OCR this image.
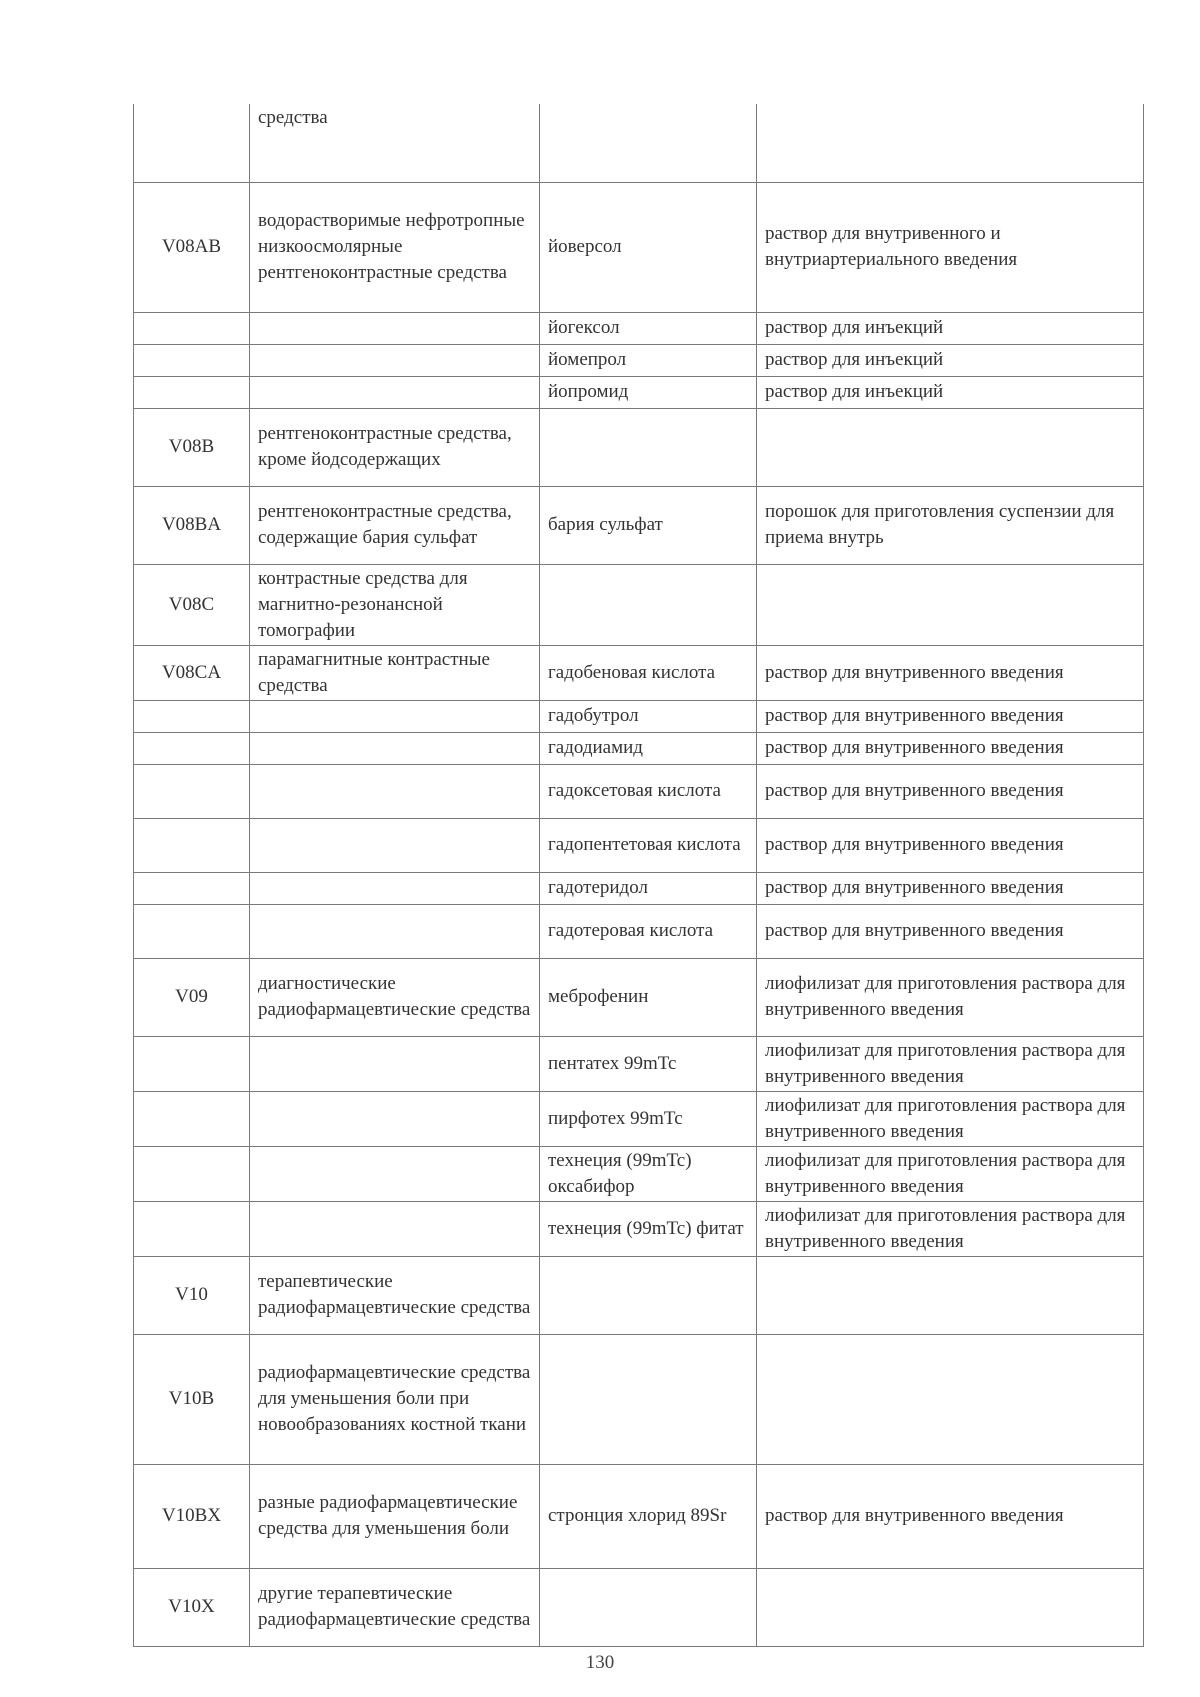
	средства		
V08AB	водорастворимые нефротропные низкоосмолярные рентгеноконтрастные средства	йоверсол	раствор для внутривенного и внутриартериального введения
		йогексол	раствор для инъекций
		йомепрол	раствор для инъекций
		йопромид	раствор для инъекций
V08B	рентгеноконтрастные средства, кроме йодсодержащих		
V08BA	рентгеноконтрастные средства, содержащие бария сульфат	бария сульфат	порошок для приготовления суспензии для приема внутрь
V08C	контрастные средства для магнитно-резонансной томографии		
V08CA	парамагнитные контрастные средства	гадобеновая кислота	раствор для внутривенного введения
		гадобутрол	раствор для внутривенного введения
		гадодиамид	раствор для внутривенного введения
		гадоксетовая кислота	раствор для внутривенного введения
		гадопентетовая кислота	раствор для внутривенного введения
		гадотеридол	раствор для внутривенного введения
		гадотеровая кислота	раствор для внутривенного введения
V09	диагностические радиофармацевтические средства	меброфенин	лиофилизат для приготовления раствора для внутривенного введения
		пентатех 99mTc	лиофилизат для приготовления раствора для внутривенного введения
		пирфотех 99mTc	лиофилизат для приготовления раствора для внутривенного введения
		технеция (99mTc) оксабифор	лиофилизат для приготовления раствора для внутривенного введения
		технеция (99mTc) фитат	лиофилизат для приготовления раствора для внутривенного введения
V10	терапевтические радиофармацевтические средства		
V10B	радиофармацевтические средства для уменьшения боли при новообразованиях костной ткани		
V10BX	разные радиофармацевтические средства для уменьшения боли	стронция хлорид 89Sr	раствор для внутривенного введения
V10X	другие терапевтические радиофармацевтические средства		
130
